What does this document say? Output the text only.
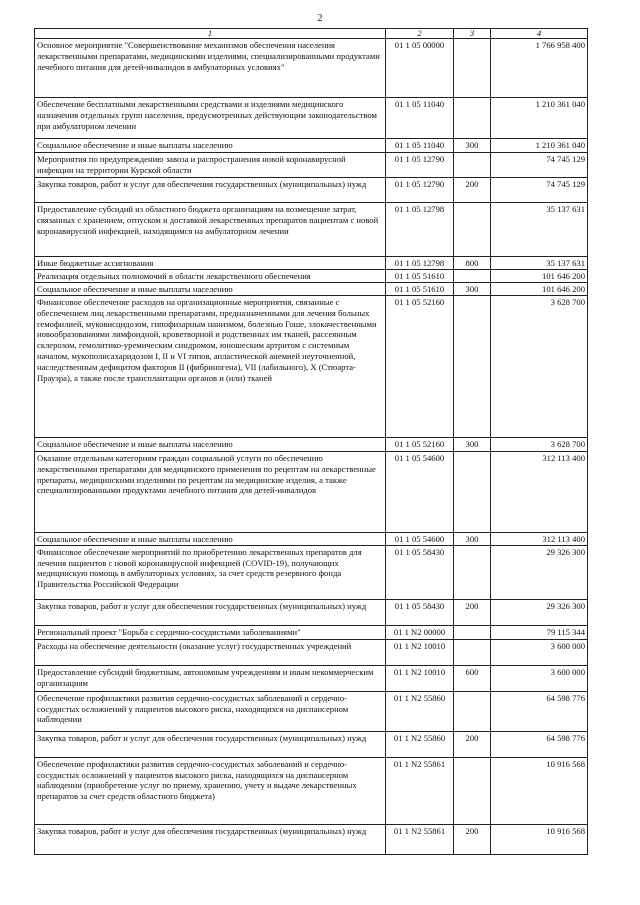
2
1	2	3	4
Основное мероприятие "Совершенствование механизмов обеспечения населения лекарственными препаратами, медицинскими изделиями, специализированными продуктами лечебного питания для детей-инвалидов в амбулаторных условиях"	01 1 05 00000		1 766 958 400
Обеспечение бесплатными лекарственными средствами и изделиями медицинского назначения отдельных групп населения, предусмотренных действующим законодательством при амбулаторном лечении	01 1 05 11040		1 210 361 040
Социальное обеспечение и иные выплаты населению	01 1 05 11040	300	1 210 361 040
Мероприятия по предупреждению завоза и распространения новой коронавирусной инфекции на территории Курской области	01 1 05 12790		74 745 129
Закупка товаров, работ и услуг для обеспечения государственных (муниципальных) нужд	01 1 05 12790	200	74 745 129
Предоставление субсидий из областного бюджета организациям на возмещение затрат, связанных с хранением, отпуском и доставкой лекарственных препаратов пациентам с новой коронавирусной инфекцией, находящимся на амбулаторном лечении	01 1 05 12798		35 137 631
Иные бюджетные ассигнования	01 1 05 12798	800	35 137 631
Реализация отдельных полномочий в области лекарственного обеспечения	01 1 05 51610		101 646 200
Социальное обеспечение и иные выплаты населению	01 1 05 51610	300	101 646 200
Финансовое обеспечение расходов на организационные мероприятия, связанные с обеспечением лиц лекарственными препаратами, предназначенными для лечения больных гемофилией, муковисцидозом, гипофизарным нанизмом, болезнью Гоше, злокачественными новообразованиями лимфоидной, кроветворной и родственных им тканей, рассеянным склерозом, гемолитико-уремическим синдромом, юношеским артритом с системным началом, мукополисахаридозом I, II и VI типов, апластической анемией неуточненной, наследственным дефицитом факторов II (фибриногена), VII (лабильного), X (Стюарта-Прауэра), а также после трансплантации органов и (или) тканей	01 1 05 52160		3 628 700
Социальное обеспечение и иные выплаты населению	01 1 05 52160	300	3 628 700
Оказание отдельным категориям граждан социальной услуги по обеспечению лекарственными препаратами для медицинского применения по рецептам на лекарственные препараты, медицинскими изделиями по рецептам на медицинские изделия, а также специализированными продуктами лечебного питания для детей-инвалидов	01 1 05 54600		312 113 400
Социальное обеспечение и иные выплаты населению	01 1 05 54600	300	312 113 400
Финансовое обеспечение мероприятий по приобретению лекарственных препаратов для лечения пациентов с новой коронавирусной инфекцией (COVID-19), получающих медицинскую помощь в амбулаторных условиях, за счет средств резервного фонда Правительства Российской Федерации	01 1 05 58430		29 326 300
Закупка товаров, работ и услуг для обеспечения государственных (муниципальных) нужд	01 1 05 58430	200	29 326 300
Региональный проект "Борьба с сердечно-сосудистыми заболеваниями"	01 1 N2 00000		79 115 344
Расходы на обеспечение деятельности (оказание услуг) государственных учреждений	01 1 N2 10010		3 600 000
Предоставление субсидий бюджетным, автономным учреждениям и иным некоммерческим организациям	01 1 N2 10010	600	3 600 000
Обеспечение профилактики развития сердечно-сосудистых заболеваний и сердечно-сосудистых осложнений у пациентов высокого риска, находящихся на диспансерном наблюдении	01 1 N2 55860		64 598 776
Закупка товаров, работ и услуг для обеспечения государственных (муниципальных) нужд	01 1 N2 55860	200	64 598 776
Обеспечение профилактики развития сердечно-сосудистых заболеваний и сердечно-сосудистых осложнений у пациентов высокого риска, находящихся на диспансерном наблюдении (приобретение услуг по приему, хранению, учету и выдаче лекарственных препаратов за счет средств областного бюджета)	01 1 N2 55861		10 916 568
Закупка товаров, работ и услуг для обеспечения государственных (муниципальных) нужд	01 1 N2 55861	200	10 916 568
